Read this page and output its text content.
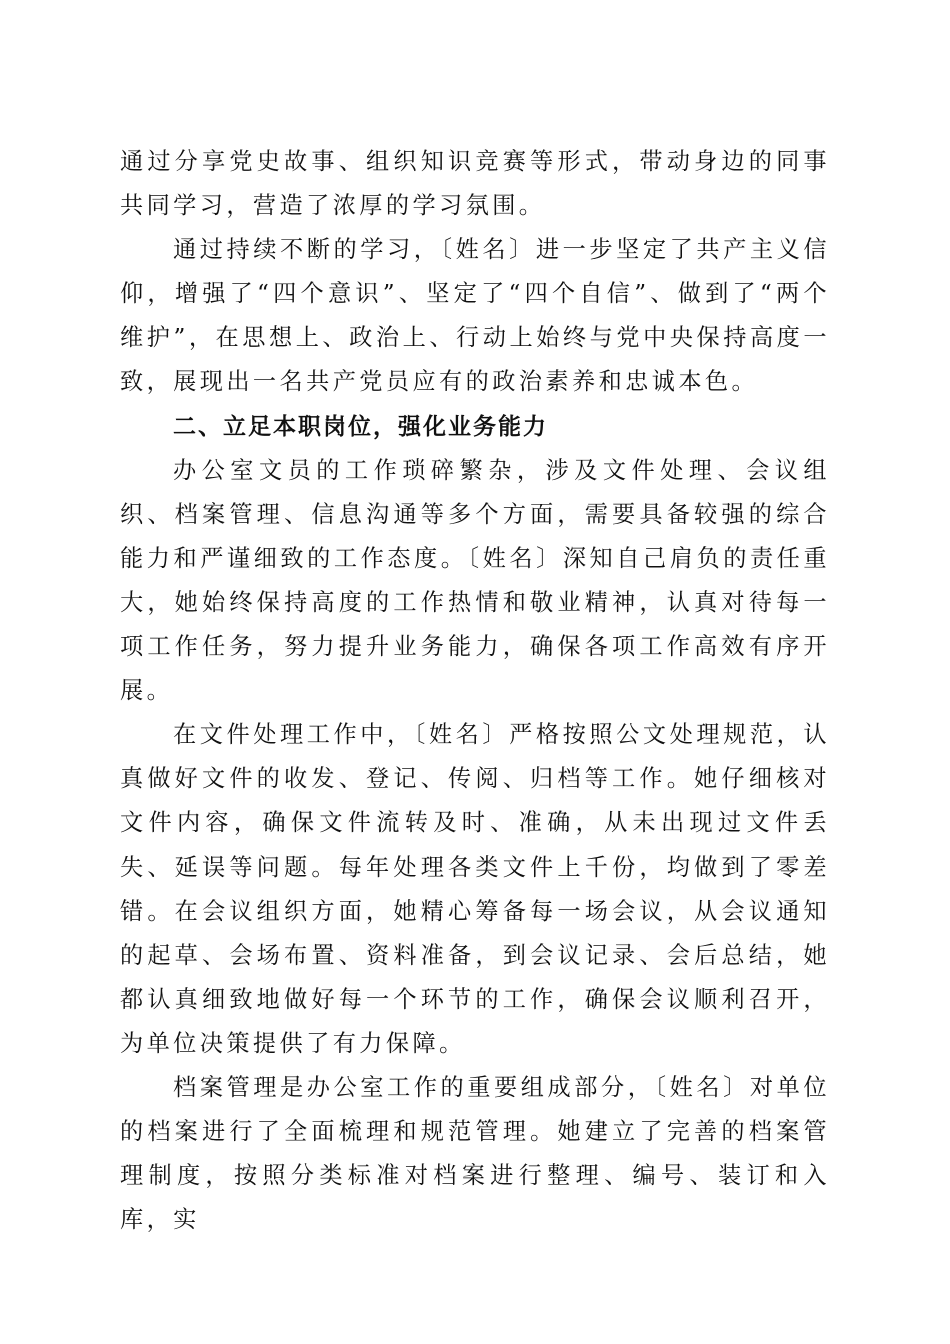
通过分享党史故事、组织知识竞赛等形式，带动身边的同事共同学习，营造了浓厚的学习氛围。

通过持续不断的学习，〔姓名〕进一步坚定了共产主义信仰，增强了“四个意识”、坚定了“四个自信”、做到了“两个维护”，在思想上、政治上、行动上始终与党中央保持高度一致，展现出一名共产党员应有的政治素养和忠诚本色。

二、立足本职岗位，强化业务能力

办公室文员的工作琐碎繁杂，涉及文件处理、会议组织、档案管理、信息沟通等多个方面，需要具备较强的综合能力和严谨细致的工作态度。〔姓名〕深知自己肩负的责任重大，她始终保持高度的工作热情和敬业精神，认真对待每一项工作任务，努力提升业务能力，确保各项工作高效有序开展。

在文件处理工作中，〔姓名〕严格按照公文处理规范，认真做好文件的收发、登记、传阅、归档等工作。她仔细核对文件内容，确保文件流转及时、准确，从未出现过文件丢失、延误等问题。每年处理各类文件上千份，均做到了零差错。在会议组织方面，她精心筹备每一场会议，从会议通知的起草、会场布置、资料准备，到会议记录、会后总结，她都认真细致地做好每一个环节的工作，确保会议顺利召开，为单位决策提供了有力保障。

档案管理是办公室工作的重要组成部分，〔姓名〕对单位的档案进行了全面梳理和规范管理。她建立了完善的档案管理制度，按照分类标准对档案进行整理、编号、装订和入库，实
